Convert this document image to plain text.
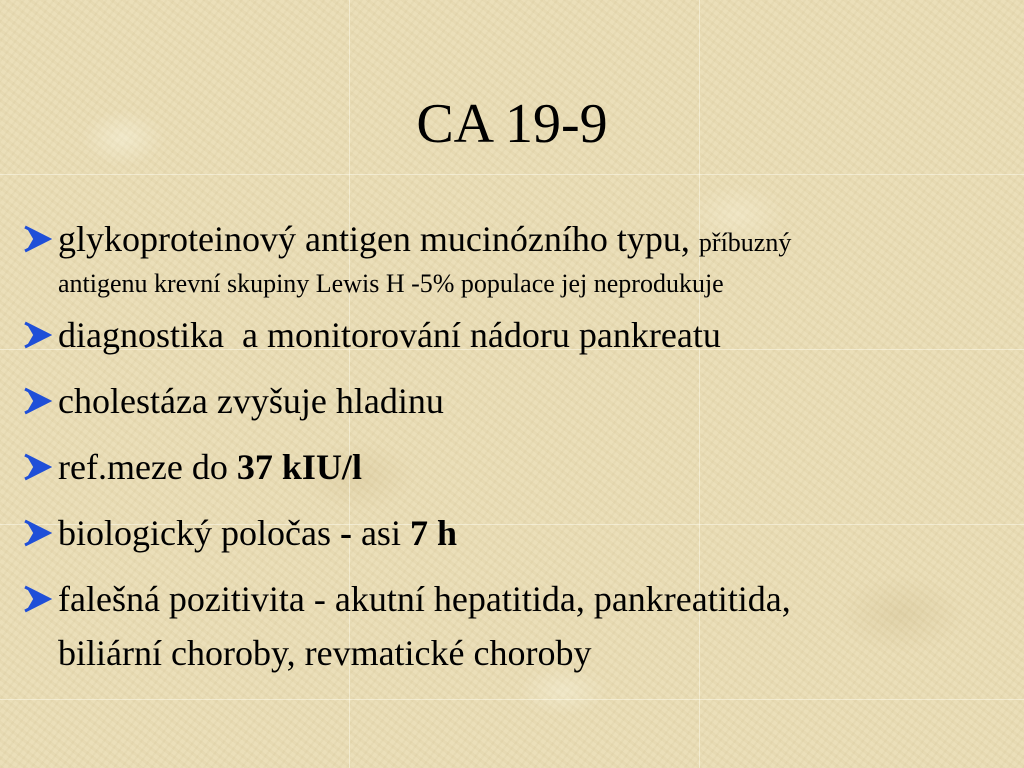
CA 19-9
glykoproteinový antigen mucinózního typu, příbuzný
antigenu krevní skupiny Lewis H -5% populace jej neprodukuje
diagnostika  a monitorování nádoru pankreatu
cholestáza zvyšuje hladinu
ref.meze do 37 kIU/l
biologický poločas - asi 7 h
falešná pozitivita - akutní hepatitida, pankreatitida,
biliární choroby, revmatické choroby
